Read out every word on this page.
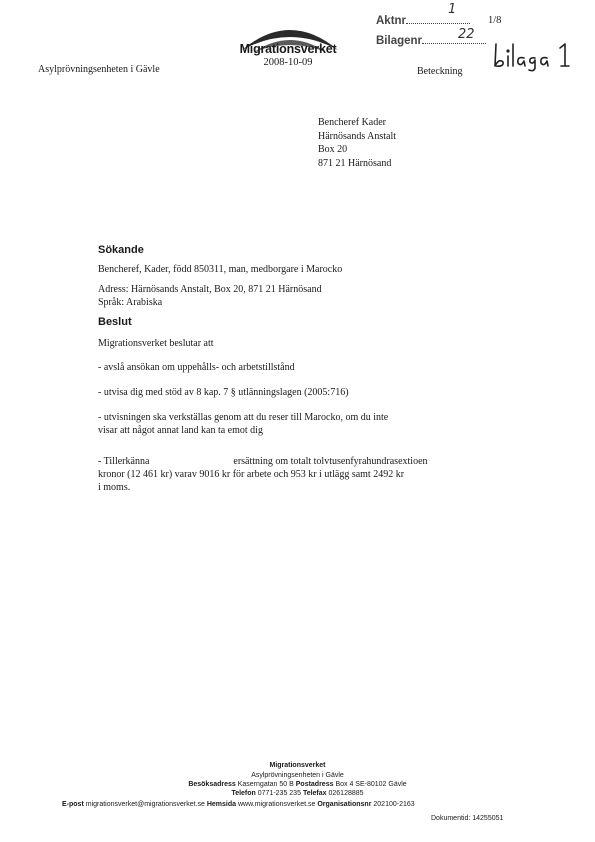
Asylprövningsenheten i Gävle
Migrationsverket
2008-10-09
Aktnr
1
Bilagenr	22
1/8
Beteckning
Bencheref Kader
Härnösands Anstalt
Box 20
871 21 Härnösand
Sökande
Bencheref, Kader, född 850311, man, medborgare i Marocko
Adress: Härnösands Anstalt, Box 20, 871 21 Härnösand
Språk: Arabiska
Beslut
Migrationsverket beslutar att
- avslå ansökan om uppehålls- och arbetstillstånd
- utvisa dig med stöd av 8 kap. 7 § utlänningslagen (2005:716)
- utvisningen ska verkställas genom att du reser till Marocko, om du inte
visar att något annat land kan ta emot dig
- Tillerkänna	ersättning om totalt tolvtusenfyrahundrasextioen
kronor (12 461 kr) varav 9016 kr för arbete och 953 kr i utlägg samt 2492 kr
i moms.
Migrationsverket
Asylprövningsenheten i Gävle
Besöksadress Kaserngatan 50 B Postadress Box 4 SE-80102 Gävle
Telefon 0771-235 235 Telefax 026128885
E-post migrationsverket@migrationsverket.se Hemsida www.migrationsverket.se Organisationsnr 202100-2163
Dokumentid: 14255051
